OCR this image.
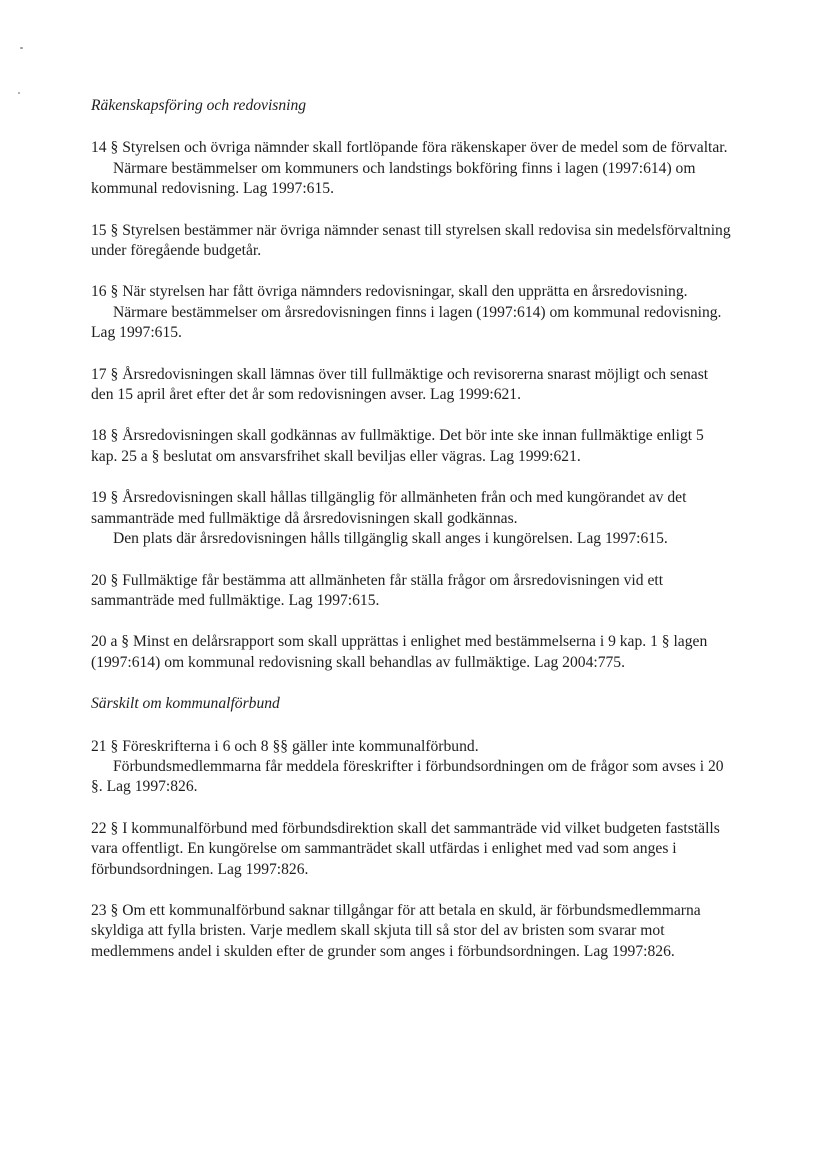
Räkenskapsföring och redovisning

14 § Styrelsen och övriga nämnder skall fortlöpande föra räkenskaper över de medel som de förvaltar.

Närmare bestämmelser om kommuners och landstings bokföring finns i lagen (1997:614) om kommunal redovisning. Lag 1997:615.

15 § Styrelsen bestämmer när övriga nämnder senast till styrelsen skall redovisa sin medelsförvaltning under föregående budgetår.

16 § När styrelsen har fått övriga nämnders redovisningar, skall den upprätta en årsredovisning.

Närmare bestämmelser om årsredovisningen finns i lagen (1997:614) om kommunal redovisning. Lag 1997:615.

17 § Årsredovisningen skall lämnas över till fullmäktige och revisorerna snarast möjligt och senast den 15 april året efter det år som redovisningen avser. Lag 1999:621.

18 § Årsredovisningen skall godkännas av fullmäktige. Det bör inte ske innan fullmäktige enligt 5 kap. 25 a § beslutat om ansvarsfrihet skall beviljas eller vägras. Lag 1999:621.

19 § Årsredovisningen skall hållas tillgänglig för allmänheten från och med kungörandet av det sammanträde med fullmäktige då årsredovisningen skall godkännas.

Den plats där årsredovisningen hålls tillgänglig skall anges i kungörelsen. Lag 1997:615.

20 § Fullmäktige får bestämma att allmänheten får ställa frågor om årsredovisningen vid ett sammanträde med fullmäktige. Lag 1997:615.

20 a § Minst en delårsrapport som skall upprättas i enlighet med bestämmelserna i 9 kap. 1 § lagen (1997:614) om kommunal redovisning skall behandlas av fullmäktige. Lag 2004:775.

Särskilt om kommunalförbund

21 § Föreskrifterna i 6 och 8 §§ gäller inte kommunalförbund.

Förbundsmedlemmarna får meddela föreskrifter i förbundsordningen om de frågor som avses i 20 §. Lag 1997:826.

22 § I kommunalförbund med förbundsdirektion skall det sammanträde vid vilket budgeten fastställs vara offentligt. En kungörelse om sammanträdet skall utfärdas i enlighet med vad som anges i förbundsordningen. Lag 1997:826.

23 § Om ett kommunalförbund saknar tillgångar för att betala en skuld, är förbundsmedlemmarna skyldiga att fylla bristen. Varje medlem skall skjuta till så stor del av bristen som svarar mot medlemmens andel i skulden efter de grunder som anges i förbundsordningen. Lag 1997:826.
